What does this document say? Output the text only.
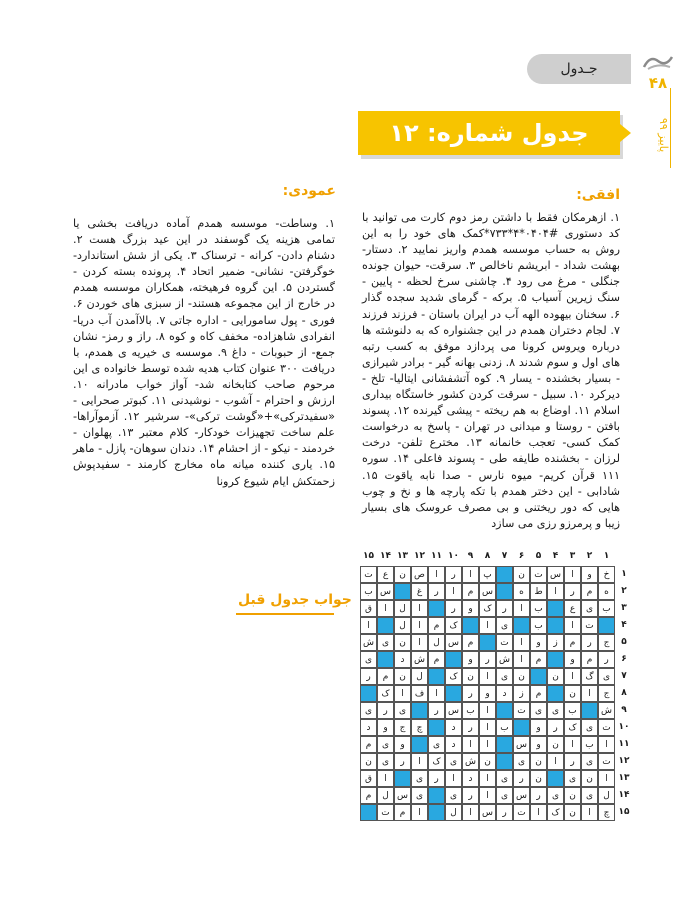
جـدول
۴۸
پاییز ۹۹
جدول شماره: ۱۲
افقی:

۱. ازهرمکان فقط با داشتن رمز دوم کارت می توانید با کد دستوری #۰۴۰۴*۴*۷۳۳*کمک های خود را به این روش به حساب موسسه همدم واریز نمایید ۲. دستار- بهشت شداد - ابریشم ناخالص ۳. سرقت- حیوان جونده جنگلی - مرغ می رود ۴. چاشنی سرخ لحظه - پایین - سنگ زیرین آسیاب ۵. برکه - گرمای شدید سجده گذار ۶. سخنان بیهوده الهه آب در ایران باستان - فرزند فرزند ۷. لجام دختران همدم در این جشنواره که به دلنوشته ها درباره ویروس کرونا می پردازد موفق به کسب رتبه های اول و سوم شدند ۸. زدنی بهانه گیر - برادر شیرازی - بسیار بخشنده - یسار ۹. کوه آتشفشانی ایتالیا- تلخ - دیرکرد ۱۰. سبیل - سرقت کردن کشور خاستگاه بیداری اسلام ۱۱. اوضاع به هم ریخته - پیشی گیرنده ۱۲. پسوند بافتن - روستا و میدانی در تهران - پاسخ به درخواست کمک کسی- تعجب خانمانه ۱۳. مخترع تلفن- درخت لرزان - بخشنده طایفه طی - پسوند فاعلی ۱۴. سوره ۱۱۱ قرآن کریم- میوه نارس - صدا نابه یاقوت ۱۵. شادابی - این دختر همدم با تکه پارچه ها و نخ و چوب هایی که دور ریختنی و بی مصرف عروسک های بسیار زیبا و پرمرزو رزی می سازد

عمودی:

۱. وساطت- موسسه همدم آماده دریافت بخشی یا تمامی هزینه یک گوسفند در این عید بزرگ هست ۲. دشنام دادن- کرانه - ترسناک ۳. یکی از شش استاندارد- خوگرفتن- نشانی- ضمیر اتحاد ۴. پرونده بسته کردن - گستردن ۵. این گروه فرهیخته، همکاران موسسه همدم در خارج از این مجموعه هستند- از سبزی های خوردن ۶. فوری - پول سامورایی - اداره جاتی ۷. بالاآمدن آب دریا- انفرادی شاهزاده- مخفف کاه و کوه ۸. راز و رمز- نشان جمع- از حبوبات - داغ ۹. موسسه ی خیریه ی همدم، با دریافت ۳۰۰ عنوان کتاب هدیه شده توسط خانواده ی این مرحوم صاحب کتابخانه شد- آواز خواب مادرانه ۱۰. ارزش و احترام - آشوب - نوشیدنی ۱۱. کبوتر صحرایی - «سفیدترکی»+«گوشت ترکی»- سرشیر ۱۲. آزموآراها- علم ساخت تجهیزات خودکار- کلام معتبر ۱۳. پهلوان - خردمند - نیکو - از احشام ۱۴. دندان سوهان- پازل - ماهر ۱۵. یاری کننده میانه ماه مخارج کارمند - سفیدپوش زحمتکش ایام شیوع کرونا

جواب جدول قبل
۱
۲
۳
۴
۵
۶
۷
۸
۹
۱۰
۱۱
۱۲
۱۳
۱۴
۱۵
۱
۲
۳
۴
۵
۶
۷
۸
۹
۱۰
۱۱
۱۲
۱۳
۱۴
۱۵
خ
و
ا
س
ت
ن
پ
ا
ر
ا
ص
ن
ع
ت
ه
م
ر
ا
ط
ه
س
م
ا
ر
غ
س
ب
ب
ی
ع
ب
ا
ر
ک
و
ر
ا
ل
ا
ق
ت
ا
ب
ی
ا
ک
م
ا
ل
ا
ج
ر
م
ز
و
ا
ت
م
س
ل
ا
ن
ی
ش
ر
م
و
م
ا
ش
ر
و
م
ش
د
ی
ی
گ
ا
ن
ن
ی
ا
ن
ک
ل
ن
م
ر
ج
ا
ن
م
ز
د
و
ر
ا
ف
ا
ک
ش
ب
ی
ی
ت
ا
ب
س
ر
ی
ر
ی
ت
ی
ک
ر
و
ب
ا
ر
د
چ
ج
و
د
ا
ب
ا
ن
و
س
ا
ا
د
ی
و
ی
م
ت
ی
ر
ا
ن
ی
ن
ش
ی
ک
ا
ر
ی
ن
ا
ن
ی
ن
ر
ی
ا
د
ا
ر
ی
ا
ق
ل
ی
ن
ی
ر
س
ی
ا
ر
ی
ی
س
ل
م
چ
ا
ن
ک
ا
ت
ر
س
ا
ل
ا
م
ت
